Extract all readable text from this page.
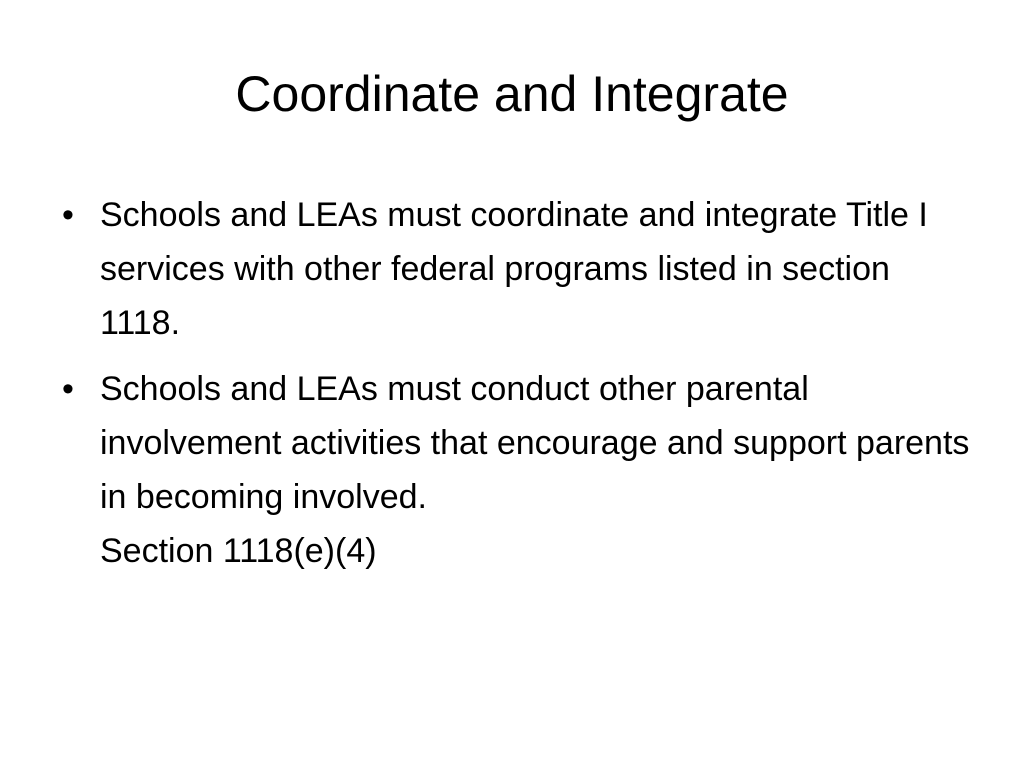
Coordinate and Integrate
• Schools and LEAs must coordinate and integrate Title I services with other federal programs listed in section 1118.
• Schools and LEAs must conduct other parental involvement activities that encourage and support parents in becoming involved.
Section 1118(e)(4)
